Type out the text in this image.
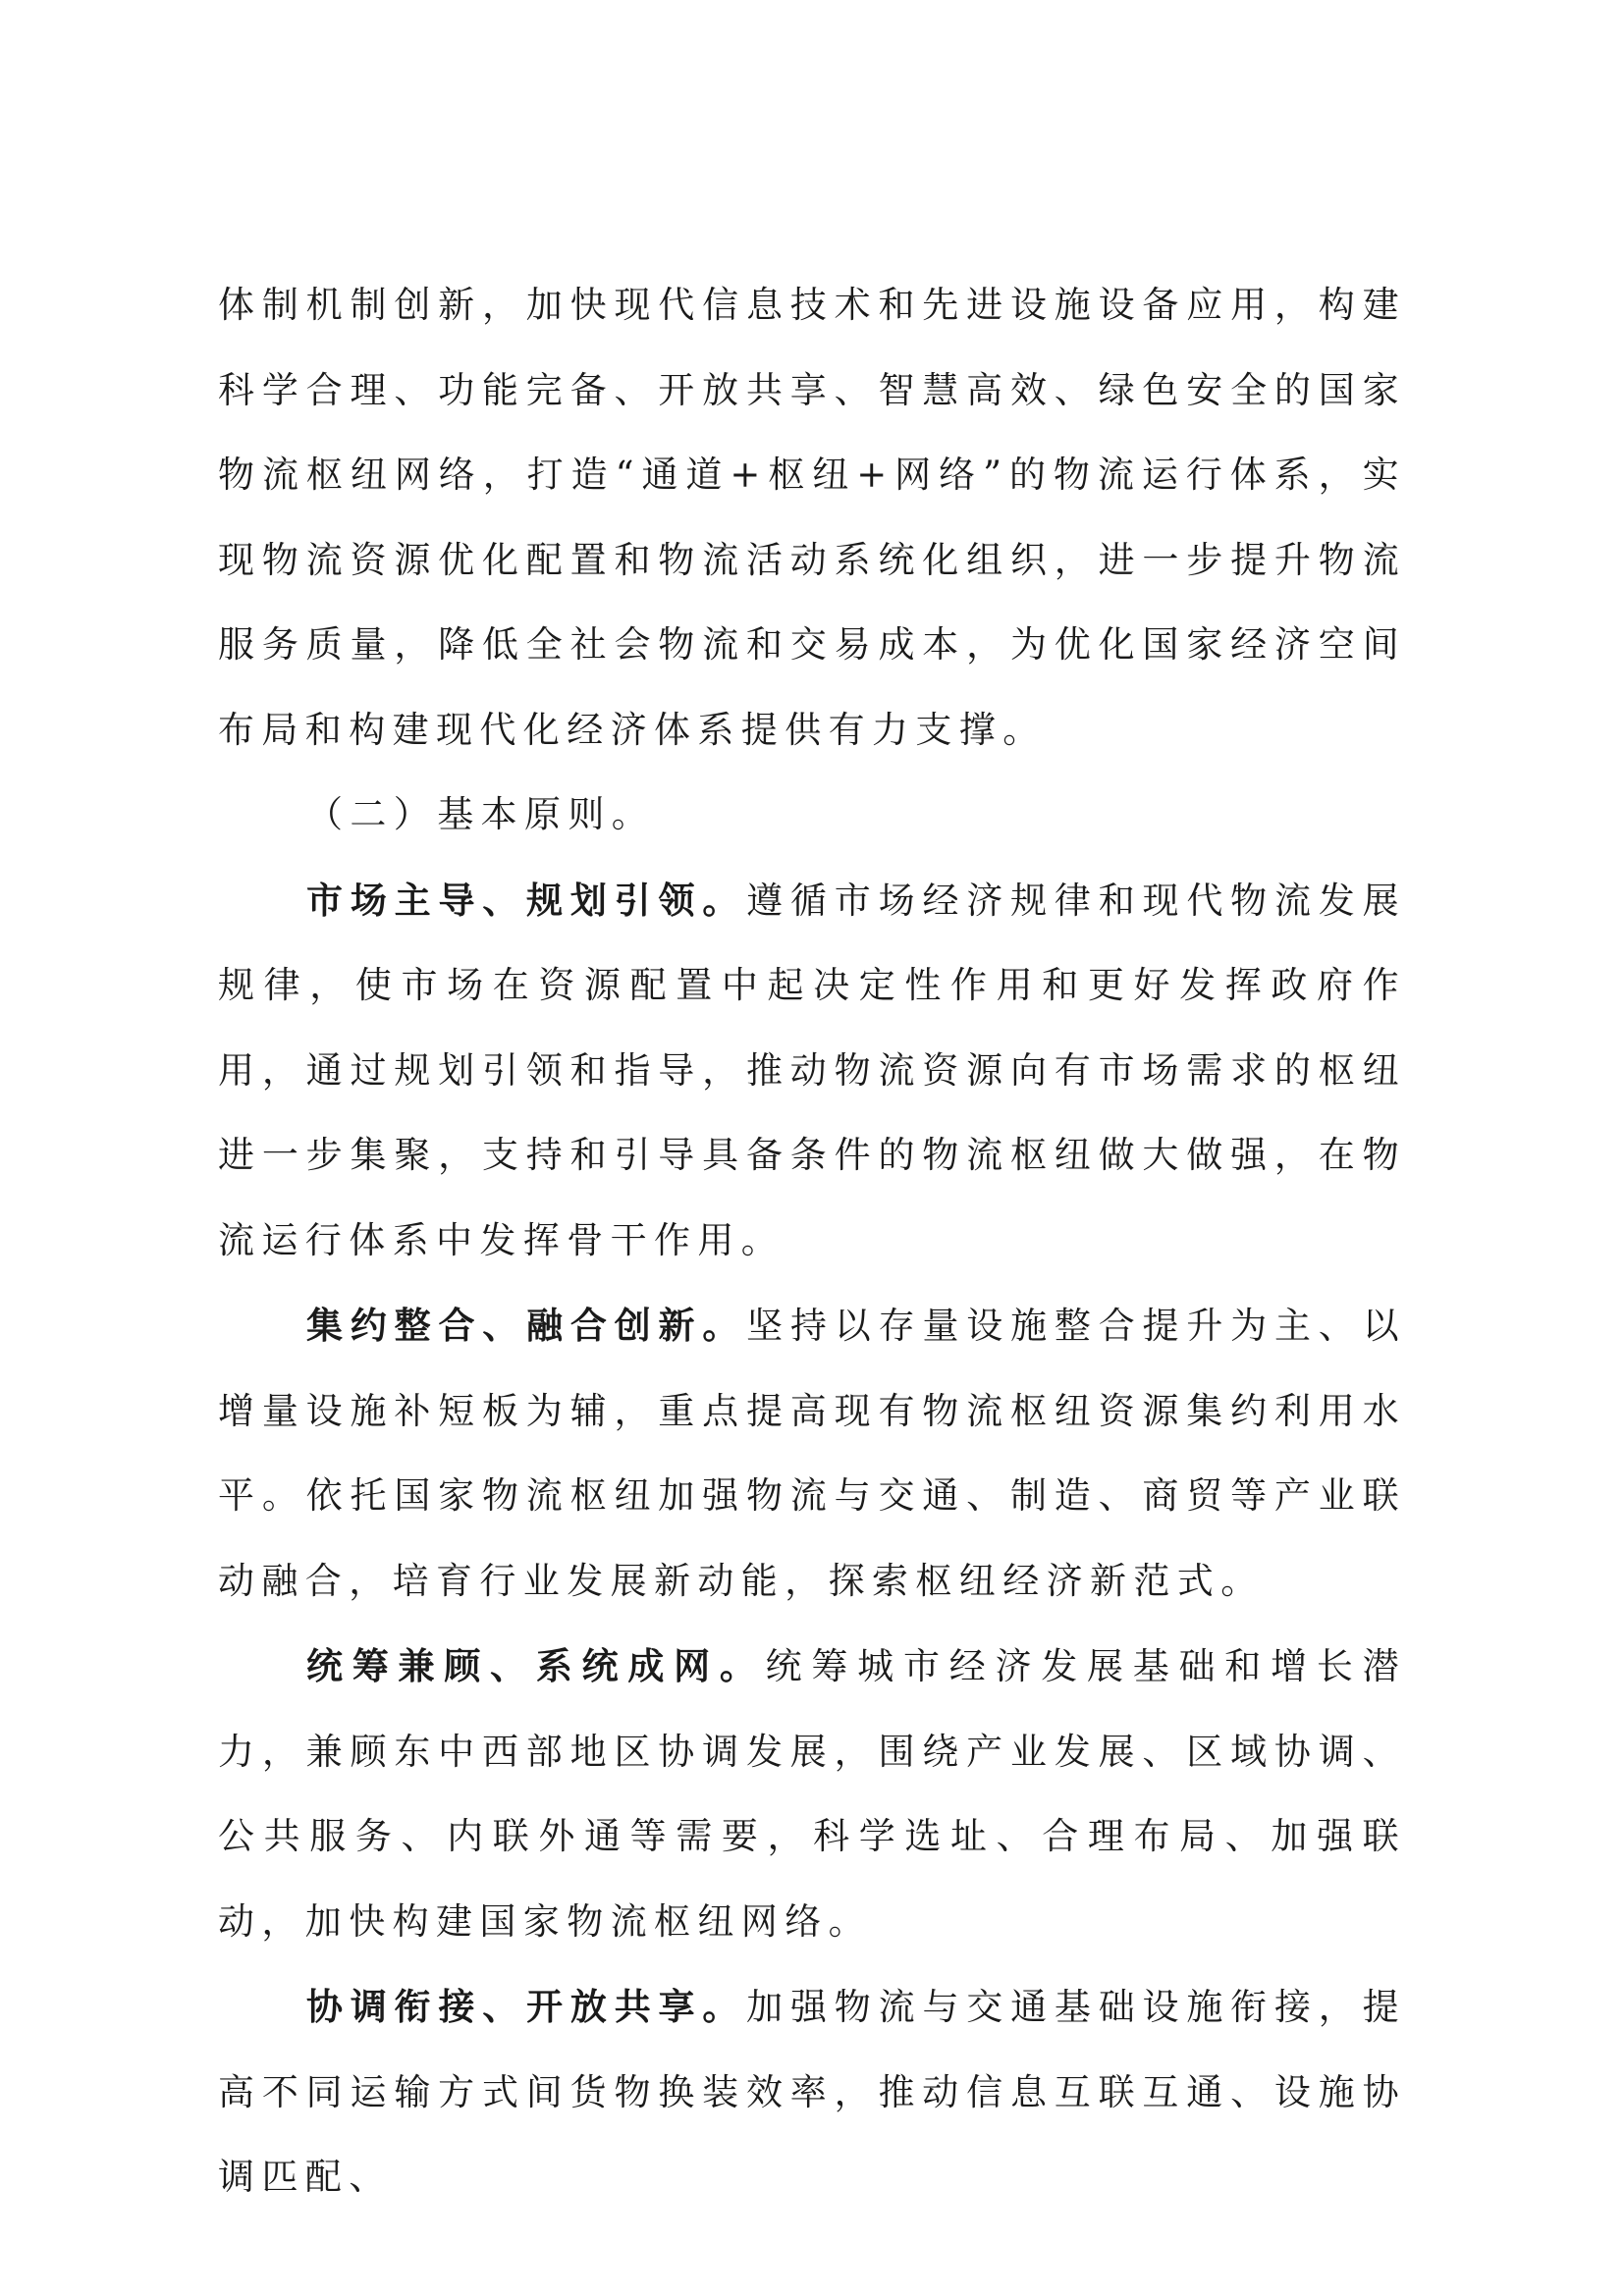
体制机制创新，加快现代信息技术和先进设施设备应用，构建科学合理、功能完备、开放共享、智慧高效、绿色安全的国家物流枢纽网络，打造“通道+枢纽+网络”的物流运行体系，实现物流资源优化配置和物流活动系统化组织，进一步提升物流服务质量，降低全社会物流和交易成本，为优化国家经济空间布局和构建现代化经济体系提供有力支撑。

（二）基本原则。

市场主导、规划引领。遵循市场经济规律和现代物流发展规律，使市场在资源配置中起决定性作用和更好发挥政府作用，通过规划引领和指导，推动物流资源向有市场需求的枢纽进一步集聚，支持和引导具备条件的物流枢纽做大做强，在物流运行体系中发挥骨干作用。

集约整合、融合创新。坚持以存量设施整合提升为主、以增量设施补短板为辅，重点提高现有物流枢纽资源集约利用水平。依托国家物流枢纽加强物流与交通、制造、商贸等产业联动融合，培育行业发展新动能，探索枢纽经济新范式。

统筹兼顾、系统成网。统筹城市经济发展基础和增长潜力，兼顾东中西部地区协调发展，围绕产业发展、区域协调、公共服务、内联外通等需要，科学选址、合理布局、加强联动，加快构建国家物流枢纽网络。

协调衔接、开放共享。加强物流与交通基础设施衔接，提高不同运输方式间货物换装效率，推动信息互联互通、设施协调匹配、
